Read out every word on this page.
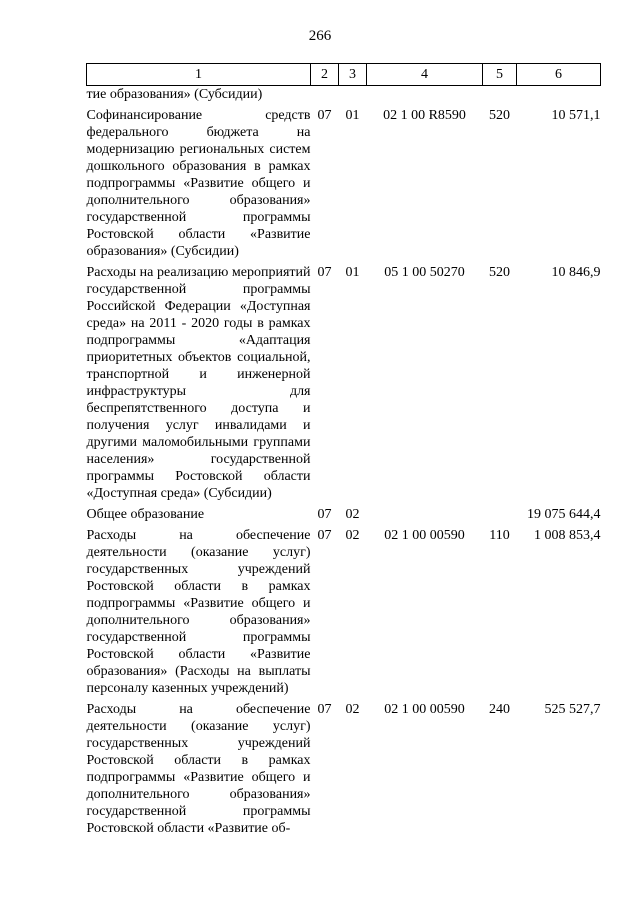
266
1	2	3	4	5	6
тие образования» (Субсидии)					
Софинансирование средств федерального бюджета на модернизацию региональных систем дошкольного образования в рамках подпрограммы «Развитие общего и дополнительного образования» государственной программы Ростовской области «Развитие образования» (Субсидии)	07	01	02 1 00 R8590	520	10 571,1
Расходы на реализацию мероприятий государственной программы Российской Федерации «Доступная среда» на 2011 - 2020 годы в рамках подпрограммы «Адаптация приоритетных объектов социальной, транспортной и инженерной инфраструктуры для беспрепятственного доступа и получения услуг инвалидами и другими маломобильными группами населения» государственной программы Ростовской области «Доступная среда» (Субсидии)	07	01	05 1 00 50270	520	10 846,9
Общее образование	07	02			19 075 644,4
Расходы на обеспечение деятельности (оказание услуг) государственных учреждений Ростовской области в рамках подпрограммы «Развитие общего и дополнительного образования» государственной программы Ростовской области «Развитие образования» (Расходы на выплаты персоналу казенных учреждений)	07	02	02 1 00 00590	110	1 008 853,4
Расходы на обеспечение деятельности (оказание услуг) государственных учреждений Ростовской области в рамках подпрограммы «Развитие общего и дополнительного образования» государственной программы Ростовской области «Развитие об-	07	02	02 1 00 00590	240	525 527,7
